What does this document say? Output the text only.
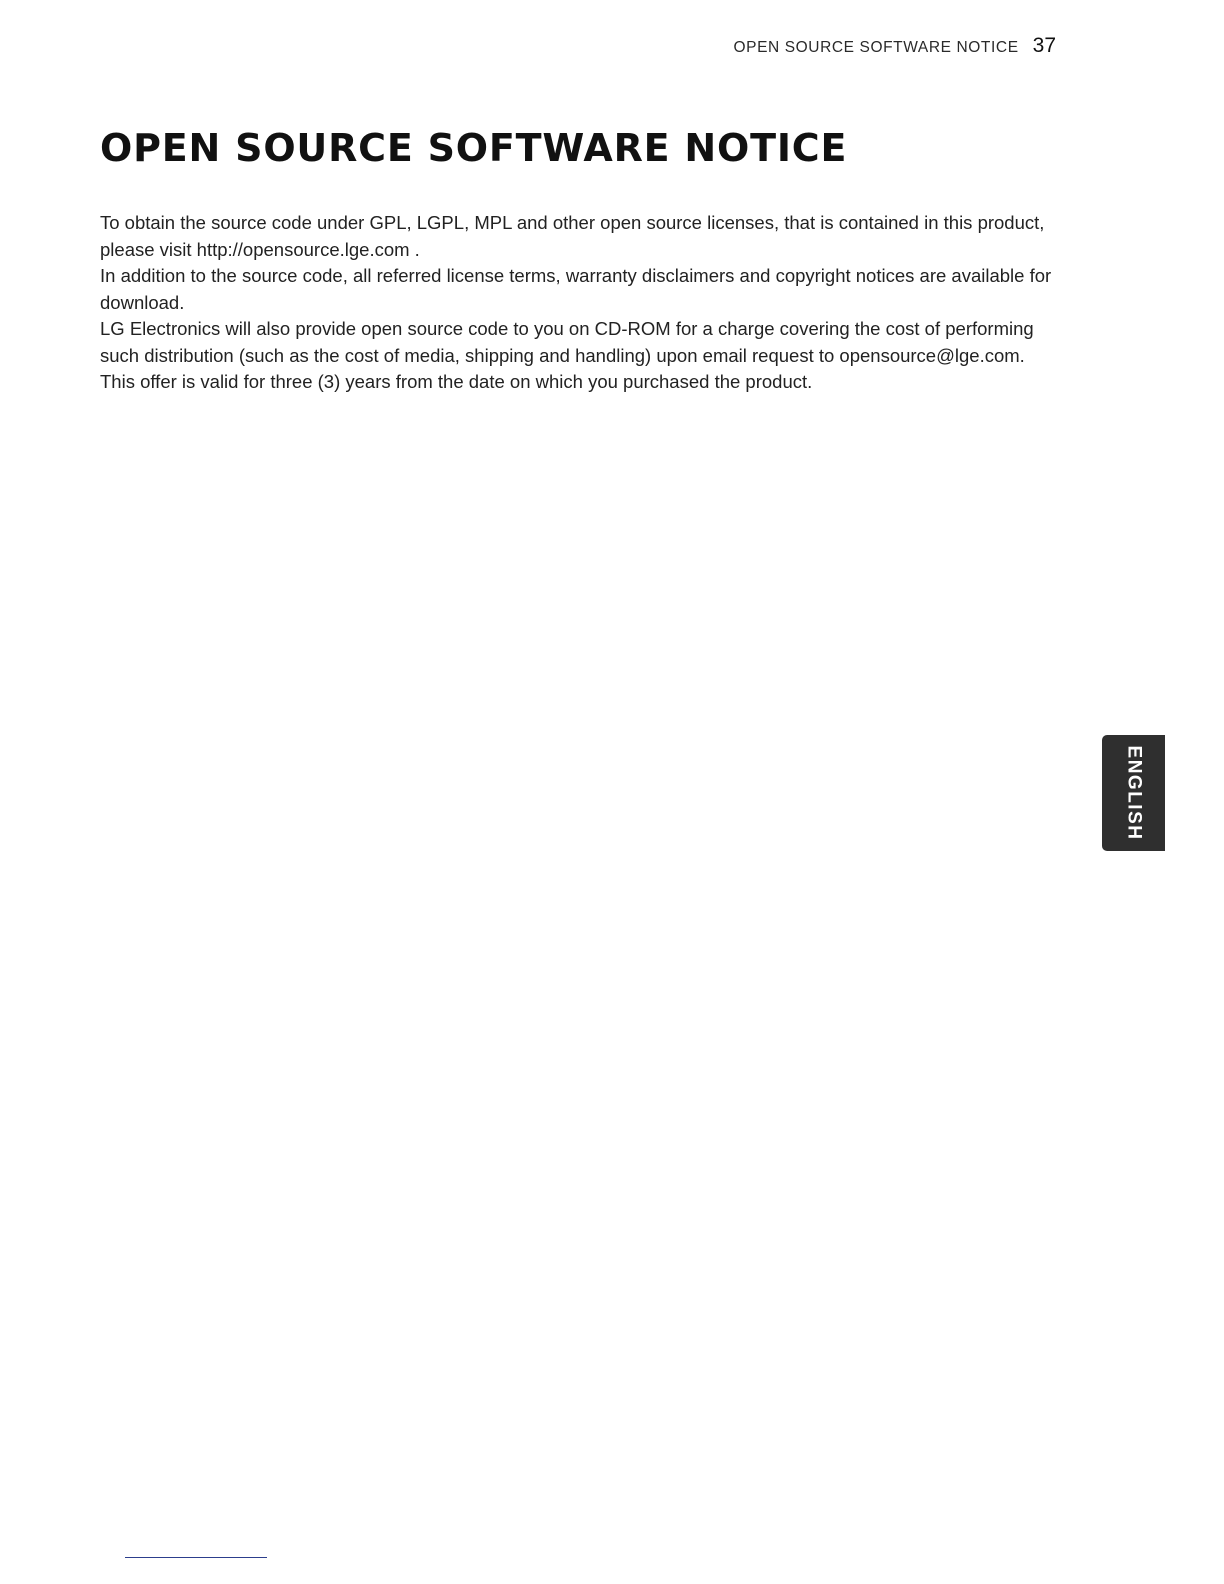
OPEN SOURCE SOFTWARE NOTICE 37
OPEN SOURCE SOFTWARE NOTICE

To obtain the source code under GPL, LGPL, MPL and other open source licenses, that is contained in this product, please visit http://opensource.lge.com .

In addition to the source code, all referred license terms, warranty disclaimers and copyright notices are available for download.

LG Electronics will also provide open source code to you on CD-ROM for a charge covering the cost of performing such distribution (such as the cost of media, shipping and handling) upon email request to opensource@lge.com. This offer is valid for three (3) years from the date on which you purchased the product.

ENGLISH
